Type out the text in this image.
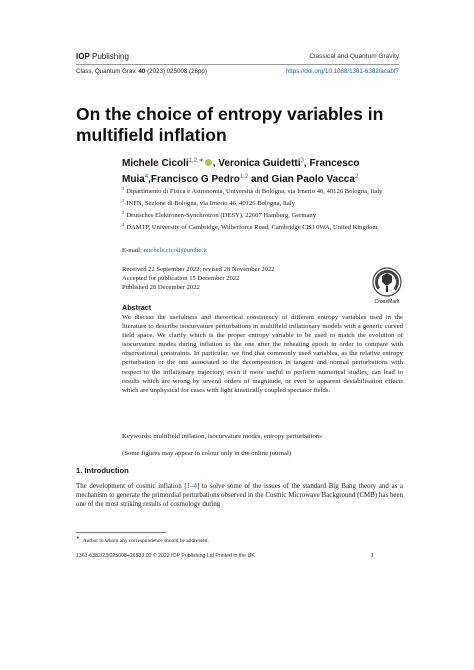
IOP Publishing	Classical and Quantum Gravity
Class. Quantum Grav. 40 (2023) 025008 (26pp)	https://doi.org/10.1088/1361-6382/acabf7
On the choice of entropy variables in multifield inflation
Michele Cicoli$^{1,2,∗}$ , Veronica Guidetti$^3$, Francesco Muia$^4$,Francisco G Pedro$^{1,2}$ and Gian Paolo Vacca$^2$
$^1$ Dipartimento di Fisica e Astronomia, Università di Bologna, via Irnerio 46, 40126 Bologna, Italy
$^2$ INFN, Sezione di Bologna, via Irnerio 46, 40126 Bologna, Italy
$^3$ Deutsches Elektronen-Synchrotron (DESY), 22607 Hamburg, Germany
$^4$ DAMTP, University of Cambridge, Wilberforce Road, Cambridge CB3 0WA, United Kingdom
E-mail: michele.cicoli@unibo.it
Received 22 September 2022; revised 28 November 2022
Accepted for publication 15 December 2022
Published 28 December 2022
CrossMark
Abstract
We discuss the usefulness and theoretical consistency of different entropy variables used in the literature to describe isocurvature perturbations in multifield inflationary models with a generic curved field space. We clarify which is the proper entropy variable to be used to match the evolution of isocurvature modes during inflation to the one after the reheating epoch in order to compare with observational constraints. In particular, we find that commonly used variables, as the relative entropy perturbation or the one associated to the decomposition in tangent and normal perturbations with respect to the inflationary trajectory, even if more useful to perform numerical studies, can lead to results which are wrong by several orders of magnitude, or even to apparent destabilisation effects which are unphysical for cases with light kinetically coupled spectator fields.
Keywords: multifield inflation, isocurvature modes, entropy perturbations
(Some figures may appear in colour only in the online journal)
1. Introduction
The development of cosmic inflation [1–4] to solve some of the issues of the standard Big Bang theory and as a mechanism to generate the primordial perturbations observed in the Cosmic Microwave Background (CMB) has been one of the most striking results of cosmology during
∗Author to whom any correspondence should be addressed.
1361-6382/23/025008+26$33.00 © 2022 IOP Publishing Ltd Printed in the UK	1
